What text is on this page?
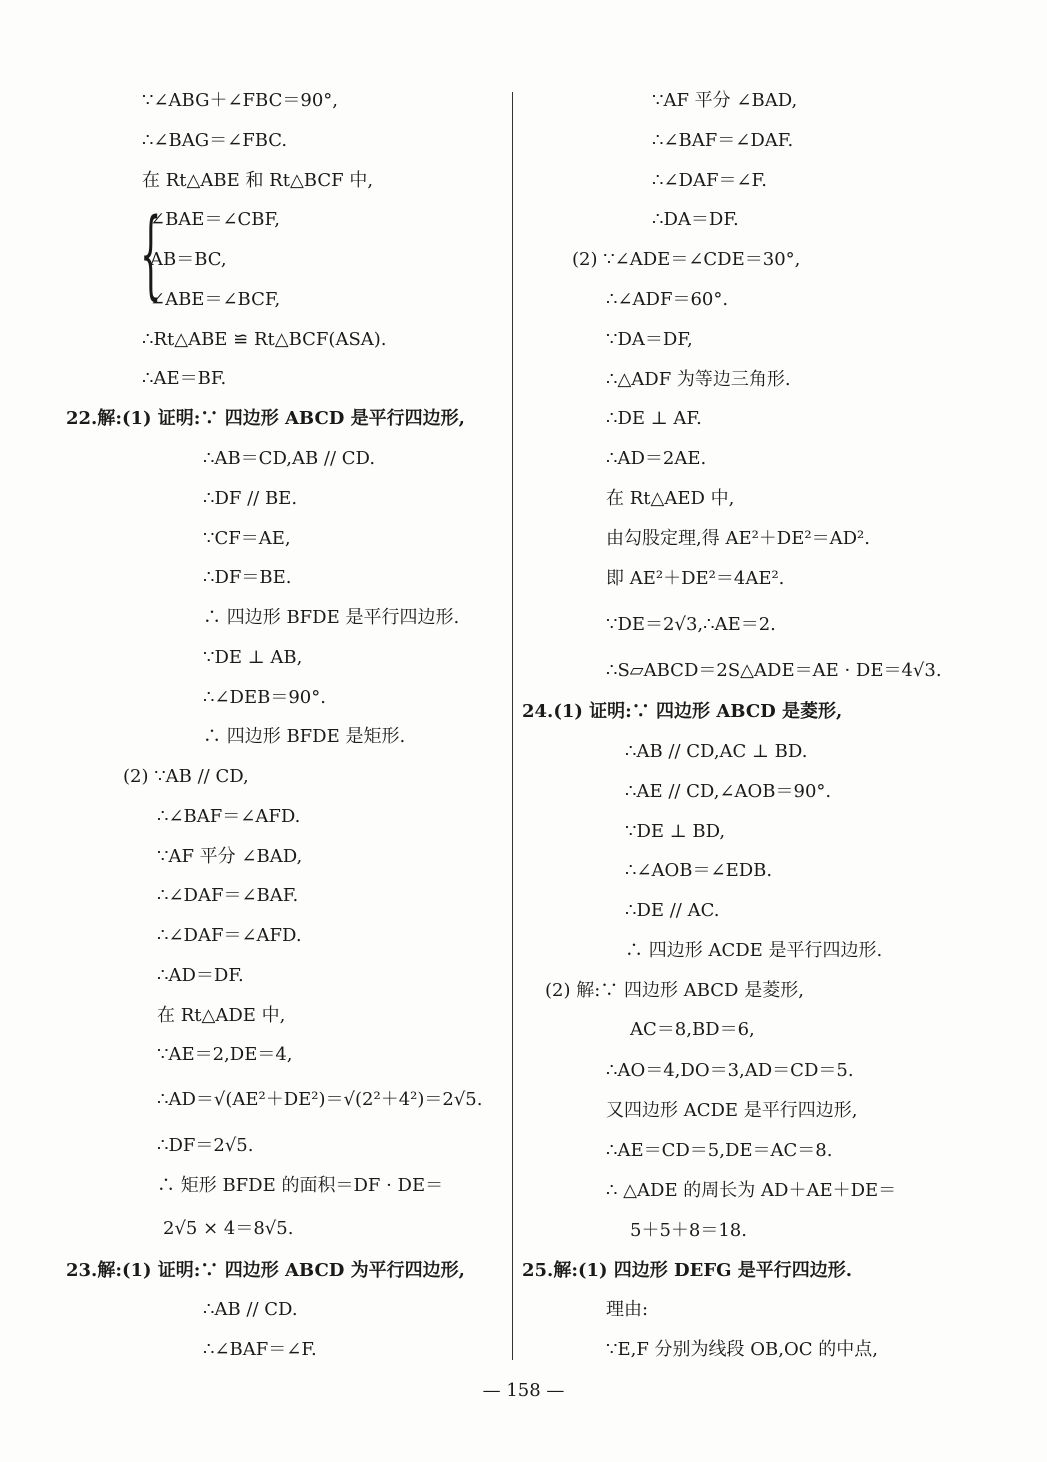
{
∵∠ABG＋∠FBC＝90°,
∴∠BAG＝∠FBC.
在 Rt△ABE 和 Rt△BCF 中,
∠BAE＝∠CBF,
AB＝BC,
∠ABE＝∠BCF,
∴Rt△ABE ≌ Rt△BCF(ASA).
∴AE＝BF.
22.解:(1) 证明:∵ 四边形 ABCD 是平行四边形,
∴AB＝CD,AB // CD.
∴DF // BE.
∵CF＝AE,
∴DF＝BE.
∴ 四边形 BFDE 是平行四边形.
∵DE ⊥ AB,
∴∠DEB＝90°.
∴ 四边形 BFDE 是矩形.
(2) ∵AB // CD,
∴∠BAF＝∠AFD.
∵AF 平分 ∠BAD,
∴∠DAF＝∠BAF.
∴∠DAF＝∠AFD.
∴AD＝DF.
在 Rt△ADE 中,
∵AE＝2,DE＝4,
∴AD＝√(AE²＋DE²)＝√(2²＋4²)＝2√5.
∴DF＝2√5.
∴ 矩形 BFDE 的面积＝DF · DE＝
2√5 × 4＝8√5.
23.解:(1) 证明:∵ 四边形 ABCD 为平行四边形,
∴AB // CD.
∴∠BAF＝∠F.
∵AF 平分 ∠BAD,
∴∠BAF＝∠DAF.
∴∠DAF＝∠F.
∴DA＝DF.
(2) ∵∠ADE＝∠CDE＝30°,
∴∠ADF＝60°.
∵DA＝DF,
∴△ADF 为等边三角形.
∴DE ⊥ AF.
∴AD＝2AE.
在 Rt△AED 中,
由勾股定理,得 AE²＋DE²＝AD².
即 AE²＋DE²＝4AE².
∵DE＝2√3,∴AE＝2.
∴S▱ABCD＝2S△ADE＝AE · DE＝4√3.
24.(1) 证明:∵ 四边形 ABCD 是菱形,
∴AB // CD,AC ⊥ BD.
∴AE // CD,∠AOB＝90°.
∵DE ⊥ BD,
∴∠AOB＝∠EDB.
∴DE // AC.
∴ 四边形 ACDE 是平行四边形.
(2) 解:∵ 四边形 ABCD 是菱形,
AC＝8,BD＝6,
∴AO＝4,DO＝3,AD＝CD＝5.
又四边形 ACDE 是平行四边形,
∴AE＝CD＝5,DE＝AC＝8.
∴ △ADE 的周长为 AD＋AE＋DE＝
5＋5＋8＝18.
25.解:(1) 四边形 DEFG 是平行四边形.
理由:
∵E,F 分别为线段 OB,OC 的中点,
— 158 —
